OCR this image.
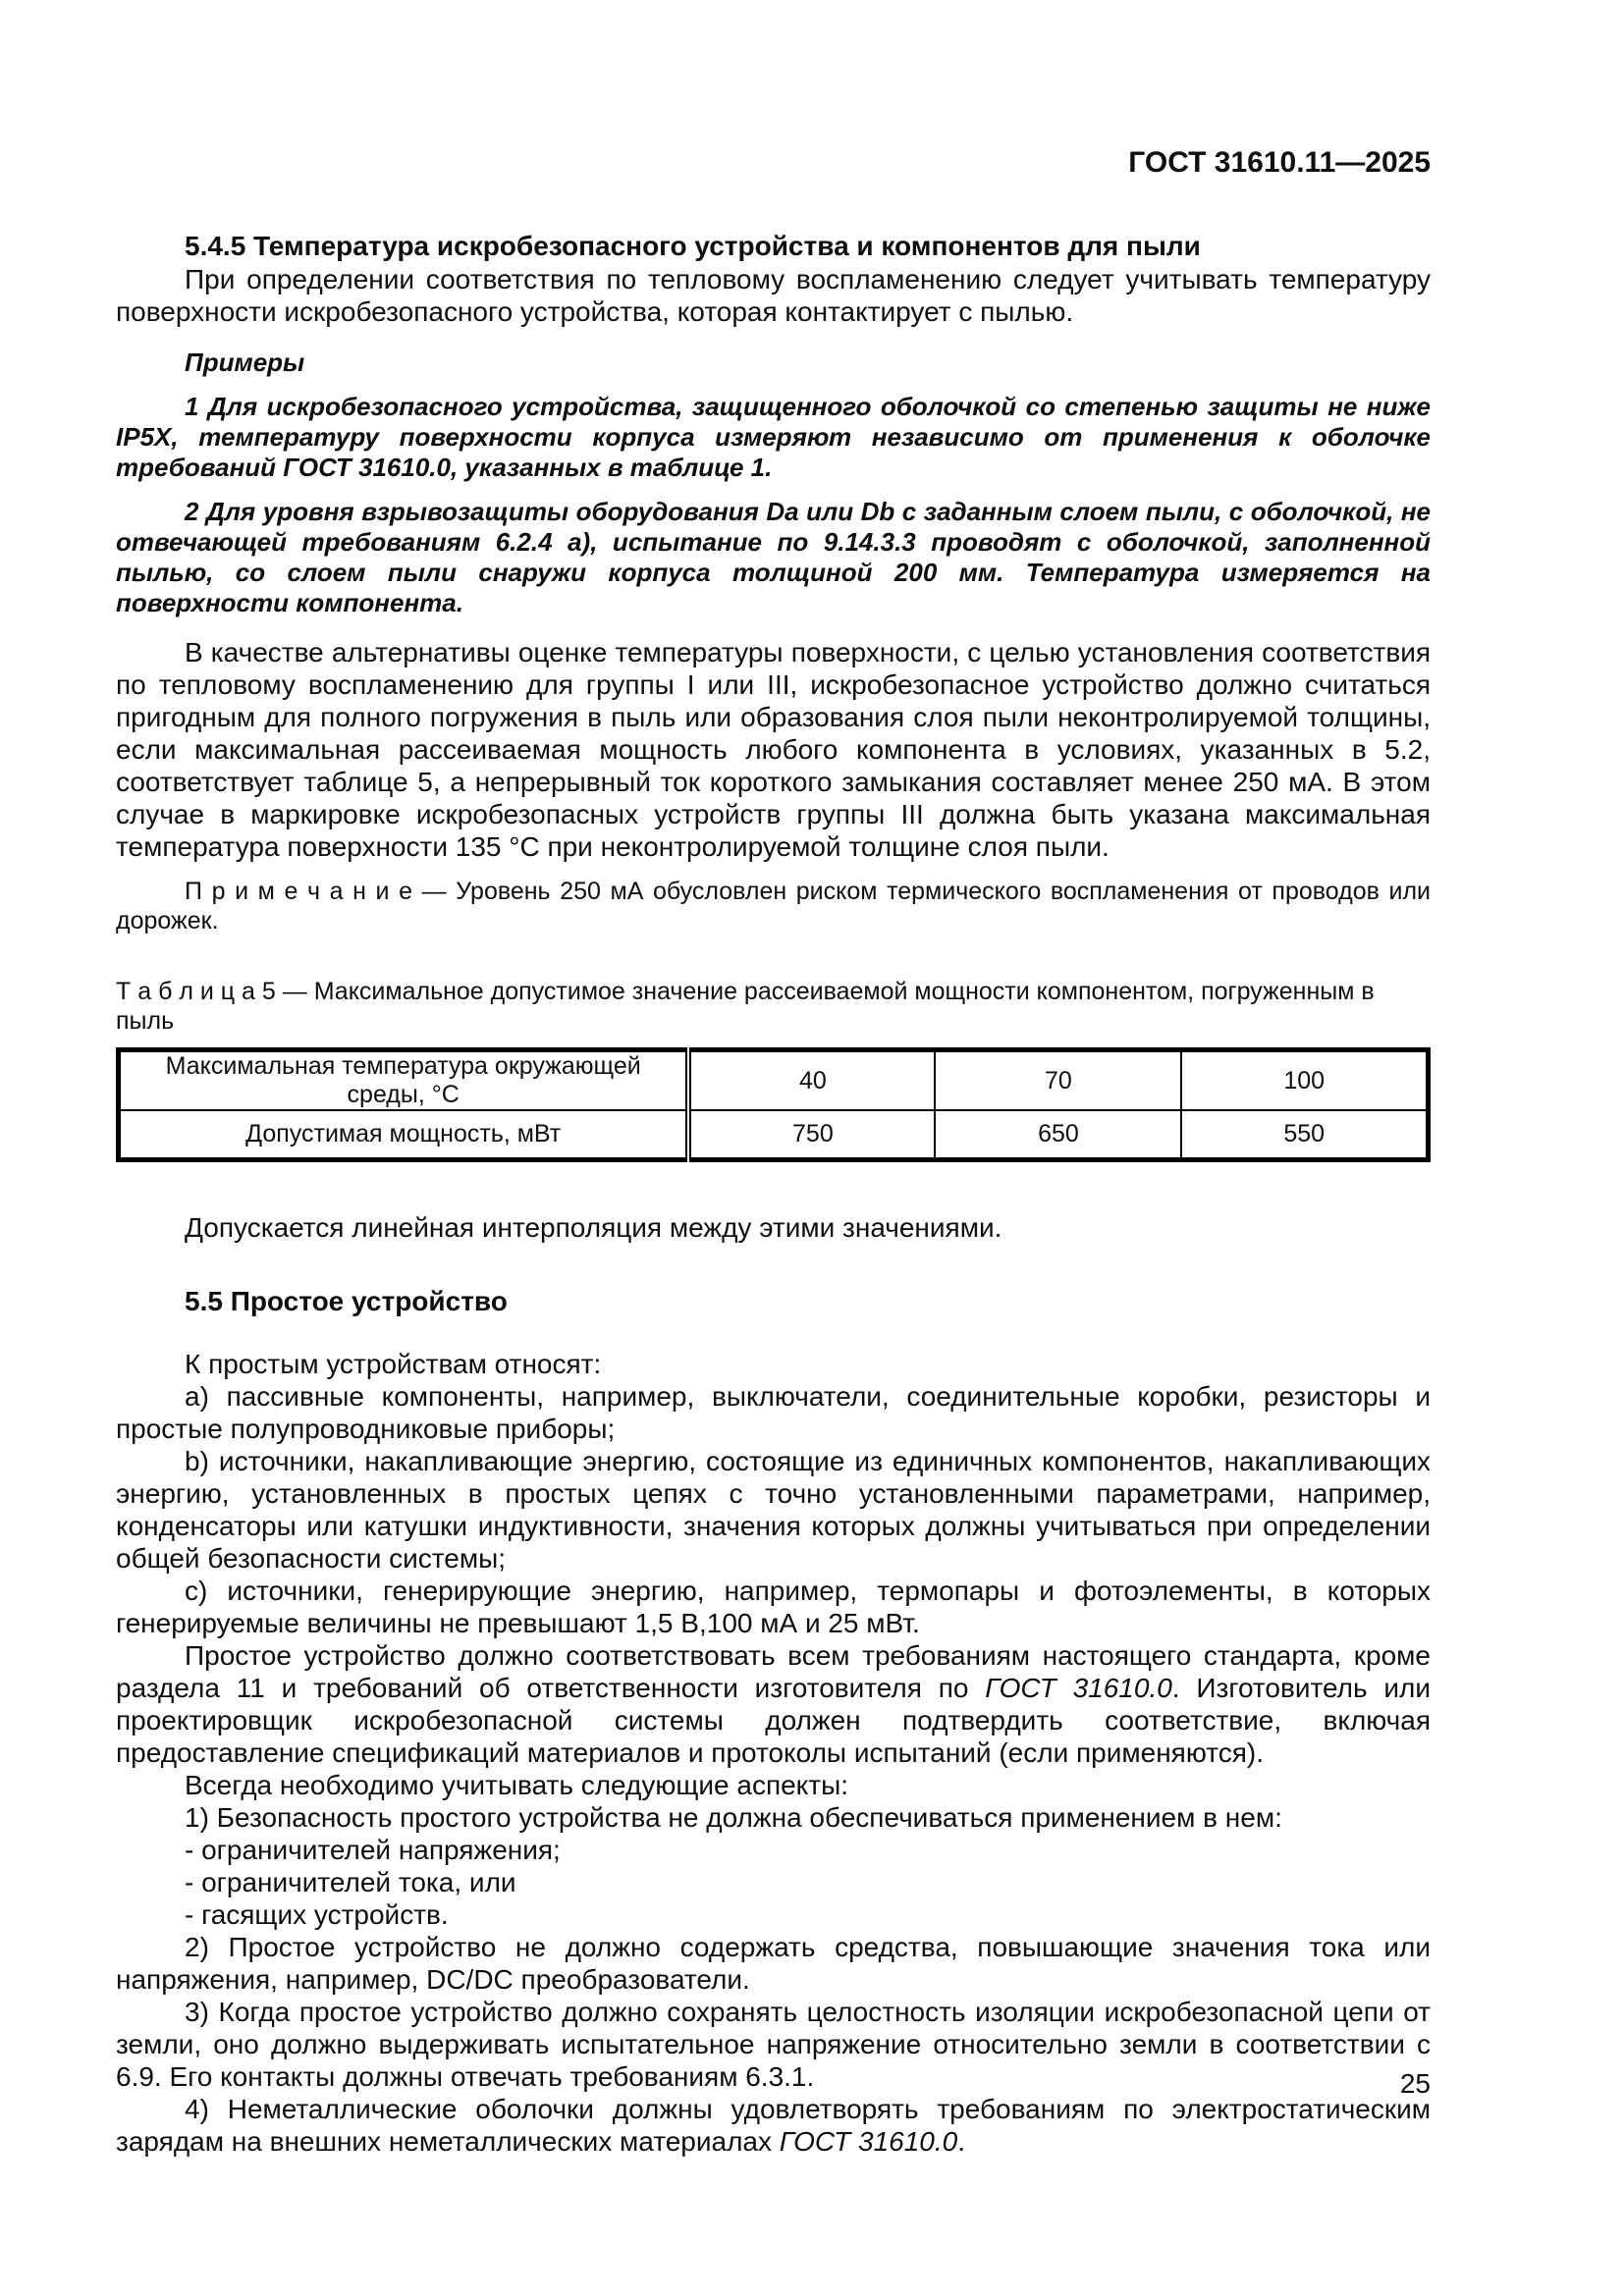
ГОСТ 31610.11—2025
5.4.5 Температура искробезопасного устройства и компонентов для пыли

При определении соответствия по тепловому воспламенению следует учитывать температуру поверхности искробезопасного устройства, которая контактирует с пылью.

Примеры

1 Для искробезопасного устройства, защищенного оболочкой со степенью защиты не ниже IP5X, температуру поверхности корпуса измеряют независимо от применения к оболочке требований ГОСТ 31610.0, указанных в таблице 1.

2 Для уровня взрывозащиты оборудования Da или Db с заданным слоем пыли, с оболочкой, не отвечающей требованиям 6.2.4 а), испытание по 9.14.3.3 проводят с оболочкой, заполненной пылью, со слоем пыли снаружи корпуса толщиной 200 мм. Температура измеряется на поверхности компонента.

В качестве альтернативы оценке температуры поверхности, с целью установления соответствия по тепловому воспламенению для группы I или III, искробезопасное устройство должно считаться пригодным для полного погружения в пыль или образования слоя пыли неконтролируемой толщины, если максимальная рассеиваемая мощность любого компонента в условиях, указанных в 5.2, соответствует таблице 5, а непрерывный ток короткого замыкания составляет менее 250 мА. В этом случае в маркировке искробезопасных устройств группы III должна быть указана максимальная температура поверхности 135 °С при неконтролируемой толщине слоя пыли.

П р и м е ч а н и е — Уровень 250 мА обусловлен риском термического воспламенения от проводов или дорожек.

Т а б л и ц а 5 — Максимальное допустимое значение рассеиваемой мощности компонентом, погруженным в пыль
Максимальная температура окружающей среды, °С	40	70	100
Допустимая мощность, мВт	750	650	550

Допускается линейная интерполяция между этими значениями.

5.5 Простое устройство

К простым устройствам относят:

a) пассивные компоненты, например, выключатели, соединительные коробки, резисторы и простые полупроводниковые приборы;

b) источники, накапливающие энергию, состоящие из единичных компонентов, накапливающих энергию, установленных в простых цепях с точно установленными параметрами, например, конденсаторы или катушки индуктивности, значения которых должны учитываться при определении общей безопасности системы;

c) источники, генерирующие энергию, например, термопары и фотоэлементы, в которых генерируемые величины не превышают 1,5 В,100 мА и 25 мВт.

Простое устройство должно соответствовать всем требованиям настоящего стандарта, кроме раздела 11 и требований об ответственности изготовителя по ГОСТ 31610.0. Изготовитель или проектировщик искробезопасной системы должен подтвердить соответствие, включая предоставление спецификаций материалов и протоколы испытаний (если применяются).

Всегда необходимо учитывать следующие аспекты:

1) Безопасность простого устройства не должна обеспечиваться применением в нем:

- ограничителей напряжения;

- ограничителей тока, или

- гасящих устройств.

2) Простое устройство не должно содержать средства, повышающие значения тока или напряжения, например, DC/DC преобразователи.

3) Когда простое устройство должно сохранять целостность изоляции искробезопасной цепи от земли, оно должно выдерживать испытательное напряжение относительно земли в соответствии с 6.9. Его контакты должны отвечать требованиям 6.3.1.

4) Неметаллические оболочки должны удовлетворять требованиям по электростатическим зарядам на внешних неметаллических материалах ГОСТ 31610.0.

25
